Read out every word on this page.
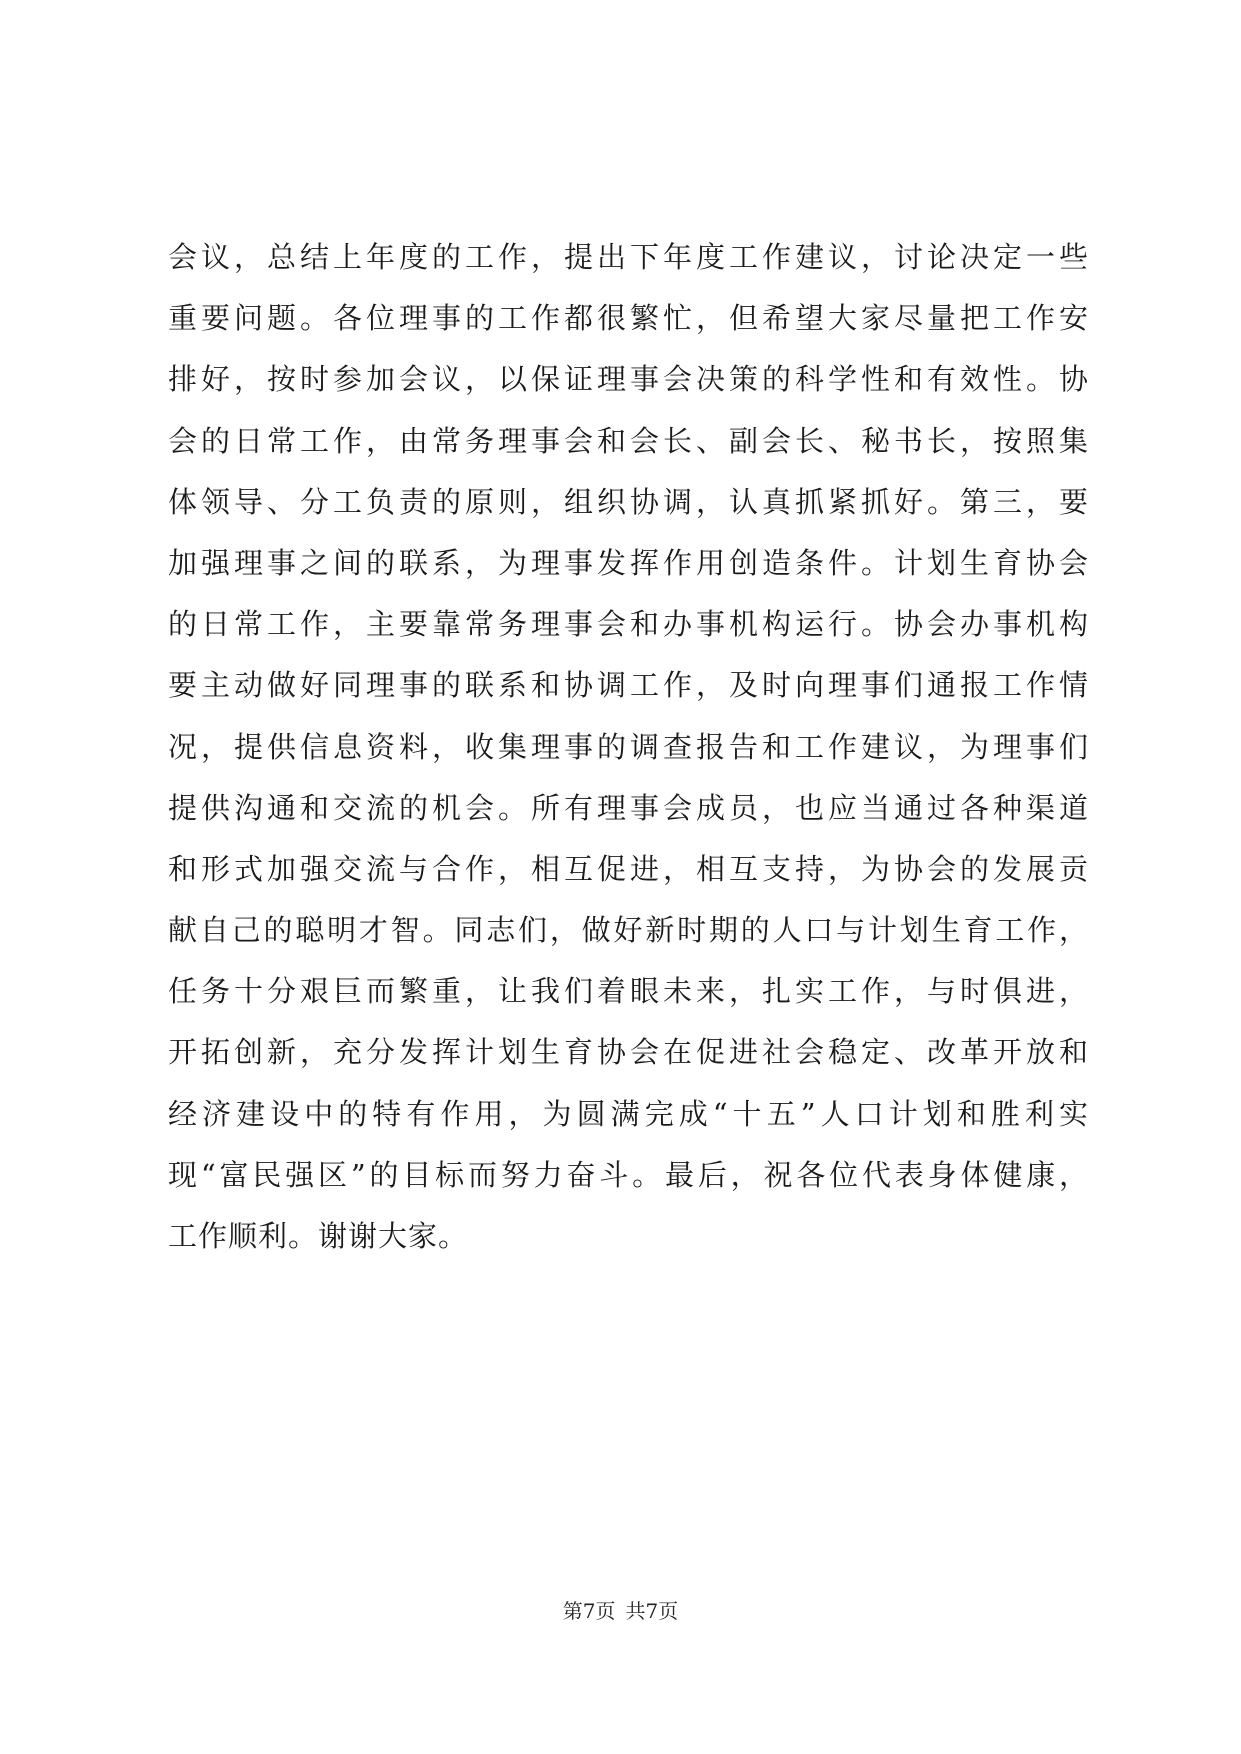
会议，总结上年度的工作，提出下年度工作建议，讨论决定一些
重要问题。各位理事的工作都很繁忙，但希望大家尽量把工作安
排好，按时参加会议，以保证理事会决策的科学性和有效性。协
会的日常工作，由常务理事会和会长、副会长、秘书长，按照集
体领导、分工负责的原则，组织协调，认真抓紧抓好。第三，要
加强理事之间的联系，为理事发挥作用创造条件。计划生育协会
的日常工作，主要靠常务理事会和办事机构运行。协会办事机构
要主动做好同理事的联系和协调工作，及时向理事们通报工作情
况，提供信息资料，收集理事的调查报告和工作建议，为理事们
提供沟通和交流的机会。所有理事会成员，也应当通过各种渠道
和形式加强交流与合作，相互促进，相互支持，为协会的发展贡
献自己的聪明才智。同志们，做好新时期的人口与计划生育工作，
任务十分艰巨而繁重，让我们着眼未来，扎实工作，与时俱进，
开拓创新，充分发挥计划生育协会在促进社会稳定、改革开放和
经济建设中的特有作用，为圆满完成“十五”人口计划和胜利实
现“富民强区”的目标而努力奋斗。最后，祝各位代表身体健康，
工作顺利。谢谢大家。
第7页 共7页
